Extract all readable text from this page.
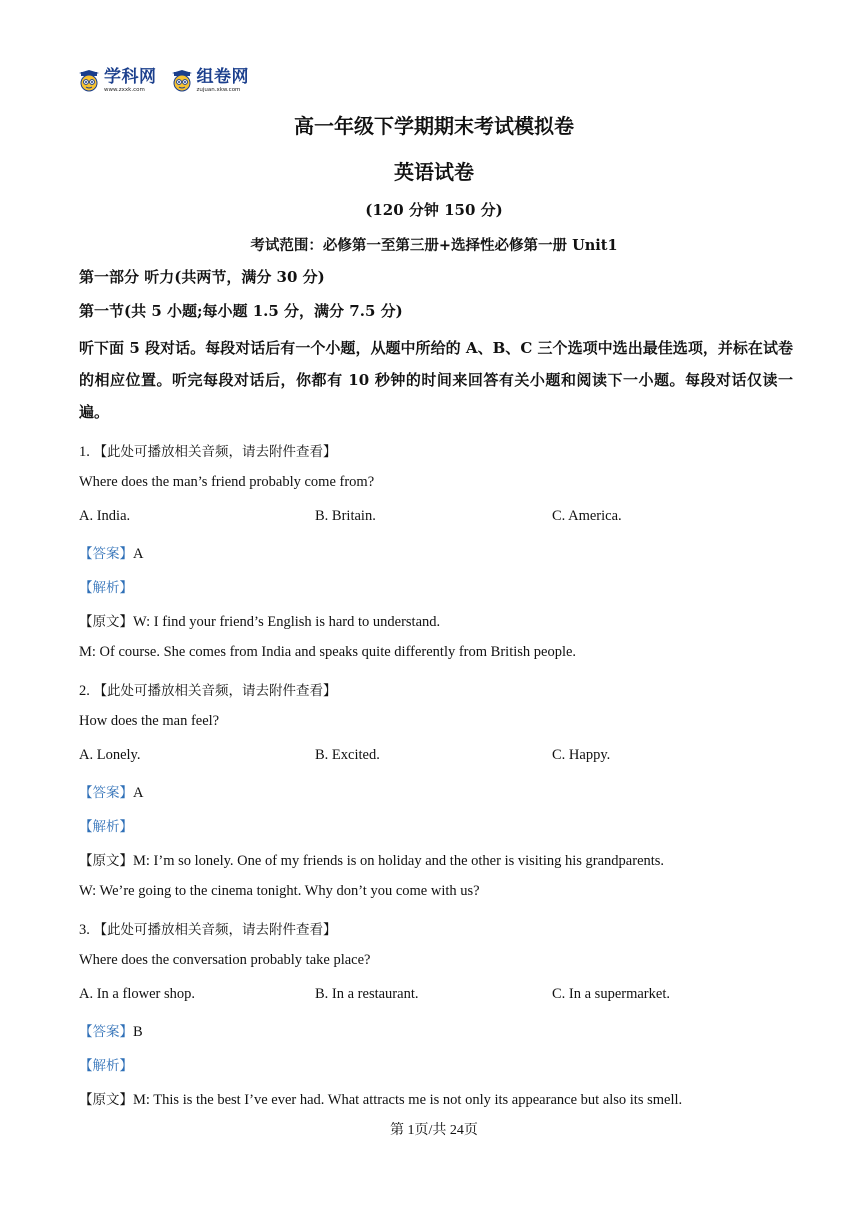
学科网
www.zxxk.com
组卷网
zujuan.xkw.com
高一年级下学期期末考试模拟卷
英语试卷
(120 分钟 150 分)
考试范围：必修第一至第三册+选择性必修第一册 Unit1
第一部分 听力(共两节，满分 30 分)
第一节(共 5 小题;每小题 1.5 分，满分 7.5 分)
听下面 5 段对话。每段对话后有一个小题，从题中所给的 A、B、C 三个选项中选出最佳选项，并标在试卷的相应位置。听完每段对话后，你都有 10 秒钟的时间来回答有关小题和阅读下一小题。每段对话仅读一遍。
1. 【此处可播放相关音频，请去附件查看】
Where does the man’s friend probably come from?
A. India.	B. Britain.	C. America.
【答案】A
【解析】
【原文】W: I find your friend’s English is hard to understand.
M: Of course. She comes from India and speaks quite differently from British people.
2. 【此处可播放相关音频，请去附件查看】
How does the man feel?
A. Lonely.	B. Excited.	C. Happy.
【答案】A
【解析】
【原文】M: I’m so lonely. One of my friends is on holiday and the other is visiting his grandparents.
W: We’re going to the cinema tonight. Why don’t you come with us?
3. 【此处可播放相关音频，请去附件查看】
Where does the conversation probably take place?
A. In a flower shop.	B. In a restaurant.	C. In a supermarket.
【答案】B
【解析】
【原文】M: This is the best I’ve ever had. What attracts me is not only its appearance but also its smell.
第 1页/共 24页
